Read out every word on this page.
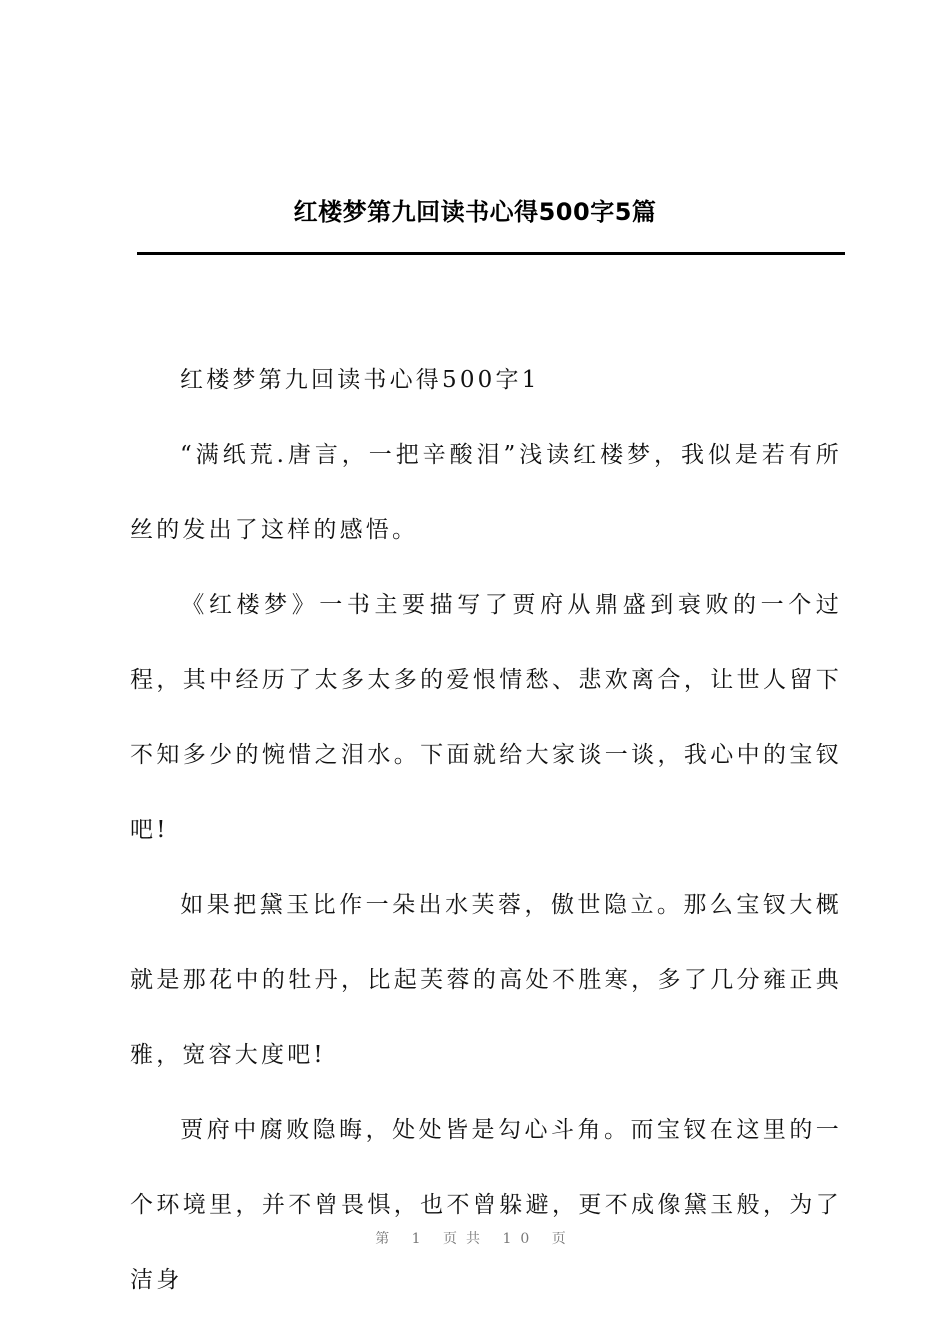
红楼梦第九回读书心得500字5篇

红楼梦第九回读书心得500字1

“满纸荒.唐言，一把辛酸泪”浅读红楼梦，我似是若有所丝的发出了这样的感悟。

《红楼梦》一书主要描写了贾府从鼎盛到衰败的一个过程，其中经历了太多太多的爱恨情愁、悲欢离合，让世人留下不知多少的惋惜之泪水。下面就给大家谈一谈，我心中的宝钗吧!

如果把黛玉比作一朵出水芙蓉，傲世隐立。那么宝钗大概就是那花中的牡丹，比起芙蓉的高处不胜寒，多了几分雍正典雅，宽容大度吧!

贾府中腐败隐晦，处处皆是勾心斗角。而宝钗在这里的一个环境里，并不曾畏惧，也不曾躲避，更不成像黛玉般，为了洁身

第 1 页共 10 页
